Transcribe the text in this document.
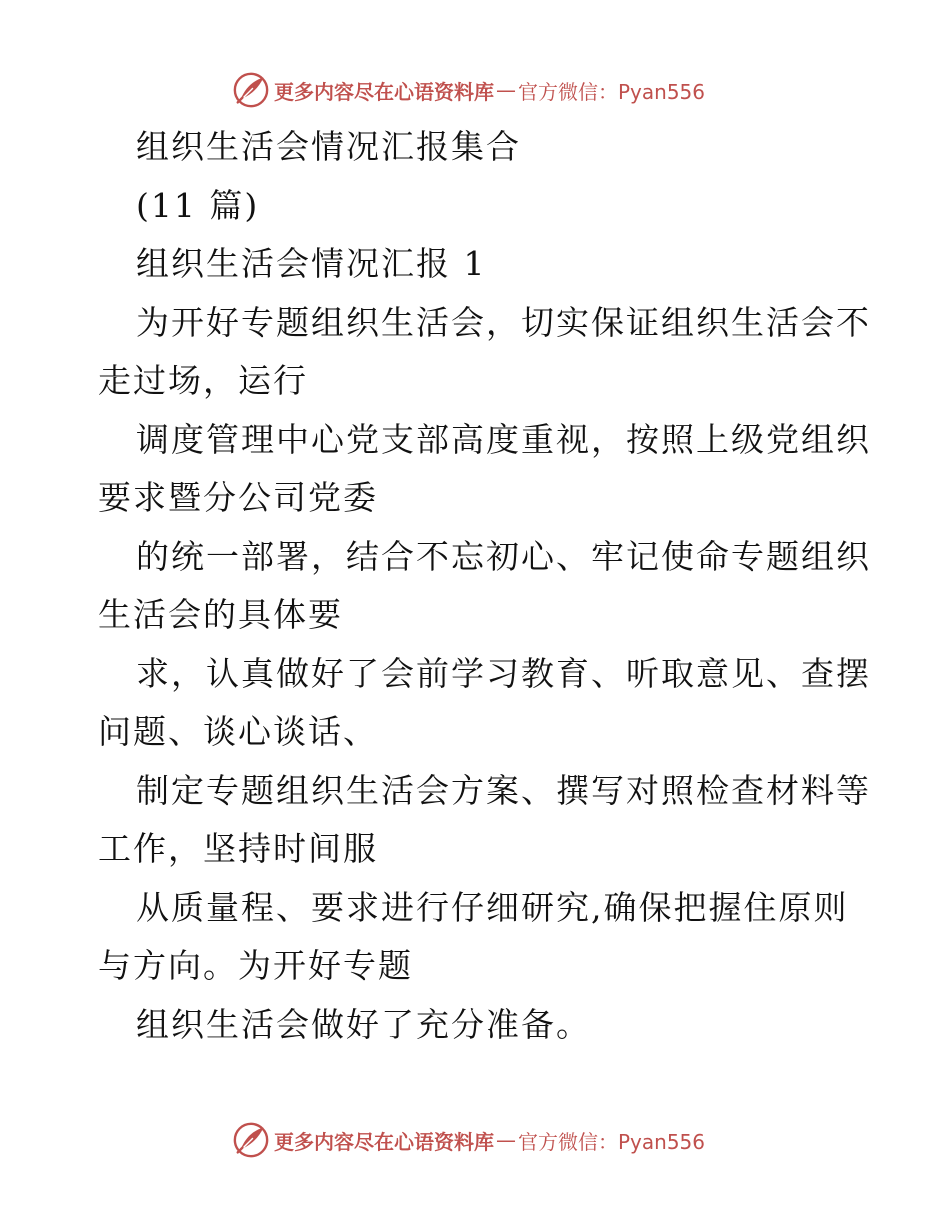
更多内容尽在心语资料库 — 官方微信：Pyan556
组织生活会情况汇报集合
(11 篇)
组织生活会情况汇报 1
为开好专题组织生活会，切实保证组织生活会不
走过场，运行
调度管理中心党支部高度重视，按照上级党组织
要求暨分公司党委
的统一部署，结合不忘初心、牢记使命专题组织
生活会的具体要
求，认真做好了会前学习教育、听取意见、查摆
问题、谈心谈话、
制定专题组织生活会方案、撰写对照检查材料等
工作，坚持时间服
从质量程、要求进行仔细研究,确保把握住原则
与方向。为开好专题
组织生活会做好了充分准备。
更多内容尽在心语资料库 — 官方微信：Pyan556
